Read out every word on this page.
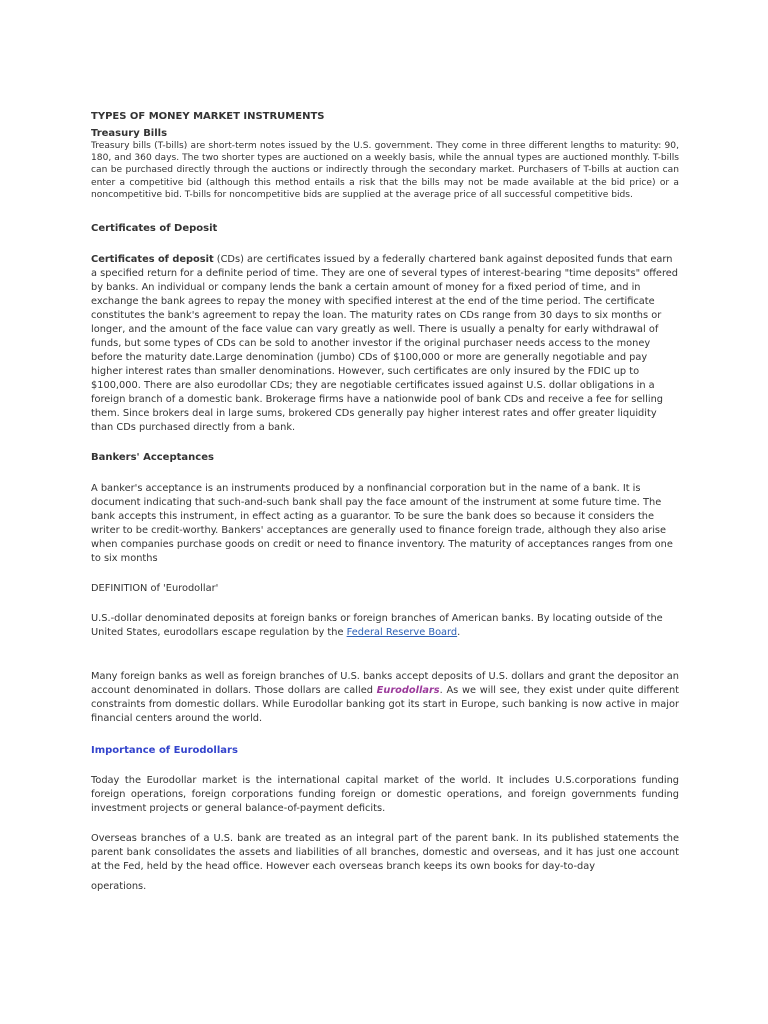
TYPES OF MONEY MARKET INSTRUMENTS
Treasury Bills

Treasury bills (T-bills) are short-term notes issued by the U.S. government. They come in three different lengths to maturity: 90, 180, and 360 days. The two shorter types are auctioned on a weekly basis, while the annual types are auctioned monthly. T-bills can be purchased directly through the auctions or indirectly through the secondary market. Purchasers of T-bills at auction can enter a competitive bid (although this method entails a risk that the bills may not be made available at the bid price) or a noncompetitive bid. T-bills for noncompetitive bids are supplied at the average price of all successful competitive bids.

Certificates of Deposit

Certificates of deposit (CDs) are certificates issued by a federally chartered bank against deposited funds that earn a specified return for a definite period of time. They are one of several types of interest-bearing "time deposits" offered by banks. An individual or company lends the bank a certain amount of money for a fixed period of time, and in exchange the bank agrees to repay the money with specified interest at the end of the time period. The certificate constitutes the bank's agreement to repay the loan. The maturity rates on CDs range from 30 days to six months or longer, and the amount of the face value can vary greatly as well. There is usually a penalty for early withdrawal of funds, but some types of CDs can be sold to another investor if the original purchaser needs access to the money before the maturity date.Large denomination (jumbo) CDs of $100,000 or more are generally negotiable and pay higher interest rates than smaller denominations. However, such certificates are only insured by the FDIC up to $100,000. There are also eurodollar CDs; they are negotiable certificates issued against U.S. dollar obligations in a foreign branch of a domestic bank. Brokerage firms have a nationwide pool of bank CDs and receive a fee for selling them. Since brokers deal in large sums, brokered CDs generally pay higher interest rates and offer greater liquidity than CDs purchased directly from a bank.

Bankers' Acceptances

A banker's acceptance is an instruments produced by a nonfinancial corporation but in the name of a bank. It is document indicating that such-and-such bank shall pay the face amount of the instrument at some future time. The bank accepts this instrument, in effect acting as a guarantor. To be sure the bank does so because it considers the writer to be credit-worthy. Bankers' acceptances are generally used to finance foreign trade, although they also arise when companies purchase goods on credit or need to finance inventory. The maturity of acceptances ranges from one to six months

DEFINITION of 'Eurodollar'

U.S.-dollar denominated deposits at foreign banks or foreign branches of American banks. By locating outside of the United States, eurodollars escape regulation by the Federal Reserve Board.

Many foreign banks as well as foreign branches of U.S. banks accept deposits of U.S. dollars and grant the depositor an account denominated in dollars. Those dollars are called Eurodollars. As we will see, they exist under quite different constraints from domestic dollars. While Eurodollar banking got its start in Europe, such banking is now active in major financial centers around the world.

Importance of Eurodollars

Today the Eurodollar market is the international capital market of the world. It includes U.S.corporations funding foreign operations, foreign corporations funding foreign or domestic operations, and foreign governments funding investment projects or general balance-of-payment deficits.

Overseas branches of a U.S. bank are treated as an integral part of the parent bank. In its published statements the parent bank consolidates the assets and liabilities of all branches, domestic and overseas, and it has just one account at the Fed, held by the head office. However each overseas branch keeps its own books for day-to-day

operations.
